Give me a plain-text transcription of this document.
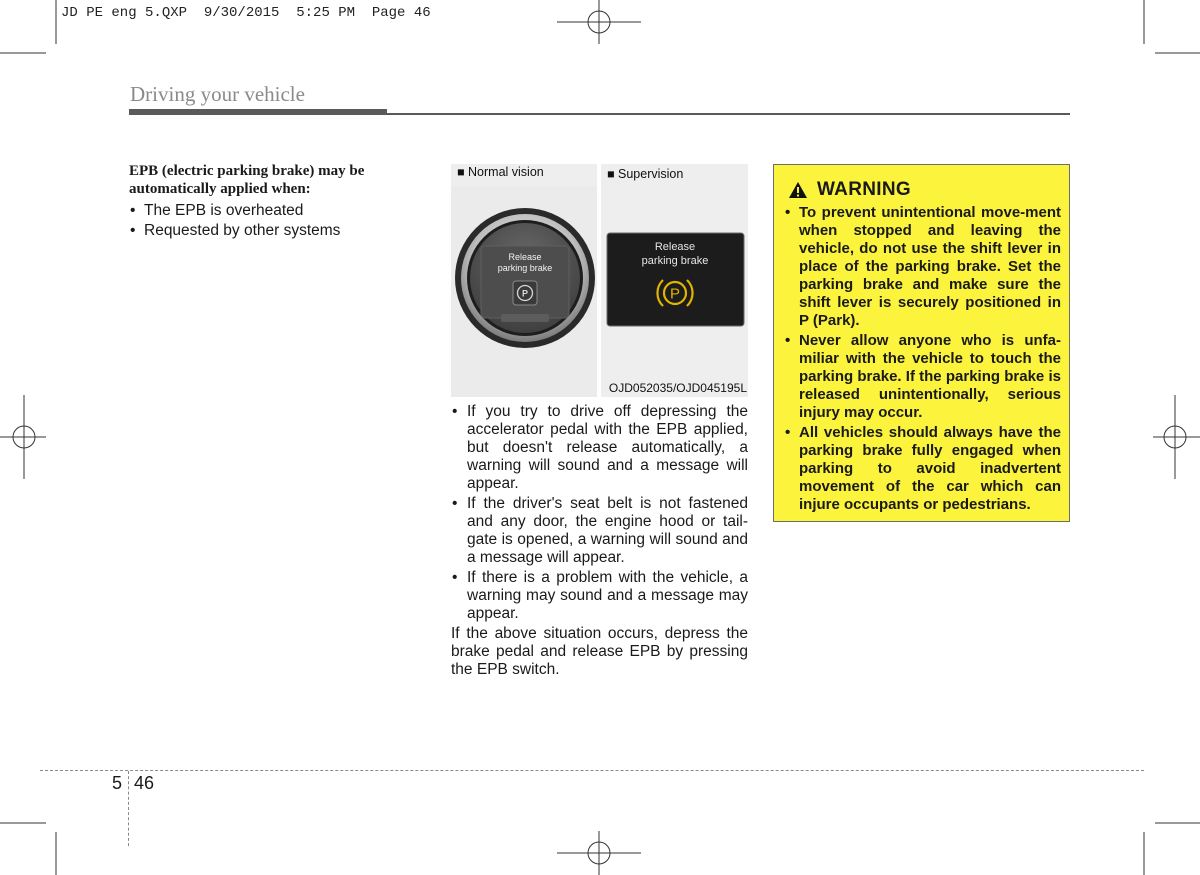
JD PE eng 5.QXP  9/30/2015  5:25 PM  Page 46
Driving your vehicle

EPB (electric parking brake) may be automatically applied when:

• The EPB is overheated
• Requested by other systems
Release
parking brake
P
■ Normal vision
Release
parking brake
P
■ Supervision
OJD052035/OJD045195L
• If you try to drive off depressing the accelerator pedal with the EPB applied, but doesn't release automatically, a warning will sound and a message will appear.
• If the driver's seat belt is not fastened and any door, the engine hood or tail-gate is opened, a warning will sound and a message will appear.
• If there is a problem with the vehicle, a warning may sound and a message may appear.

If the above situation occurs, depress the brake pedal and release EPB by pressing the EPB switch.

WARNING
• To prevent unintentional move-ment when stopped and leaving the vehicle, do not use the shift lever in place of the parking brake. Set the parking brake and make sure the shift lever is securely positioned in P (Park).
• Never allow anyone who is unfa-miliar with the vehicle to touch the parking brake. If the parking brake is released unintentionally, serious injury may occur.
• All vehicles should always have the parking brake fully engaged when parking to avoid inadvertent movement of the car which can injure occupants or pedestrians.
5 46
